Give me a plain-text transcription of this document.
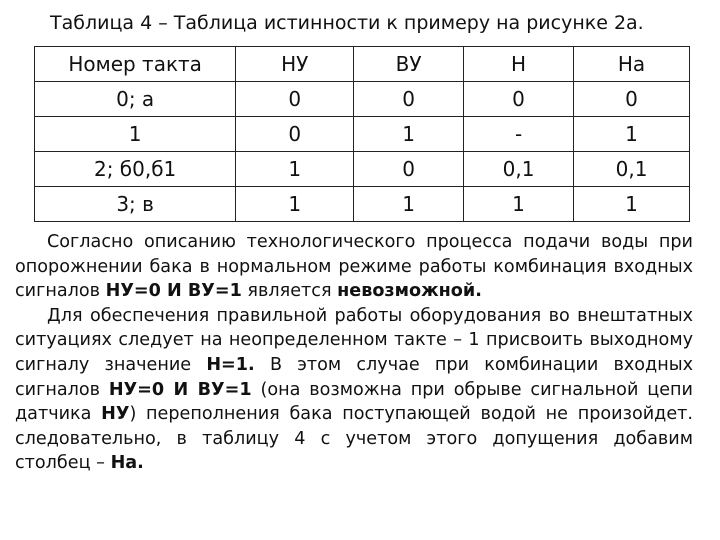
Таблица 4 – Таблица истинности к примеру на рисунке 2а.
Номер такта	НУ	ВУ	Н	На
0; а	0	0	0	0
1	0	1	-	1
2; б0,б1	1	0	0,1	0,1
3; в	1	1	1	1

Согласно описанию технологического процесса подачи воды при опорожнении бака в нормальном режиме работы комбинация входных сигналов НУ=0 И ВУ=1 является невозможной.

Для обеспечения правильной работы оборудования во внештатных ситуациях следует на неопределенном такте – 1 присвоить выходному сигналу значение Н=1. В этом случае при комбинации входных сигналов НУ=0 И ВУ=1 (она возможна при обрыве сигнальной цепи датчика НУ) переполнения бака поступающей водой не произойдет. следовательно, в таблицу 4 с учетом этого допущения добавим столбец – На.
